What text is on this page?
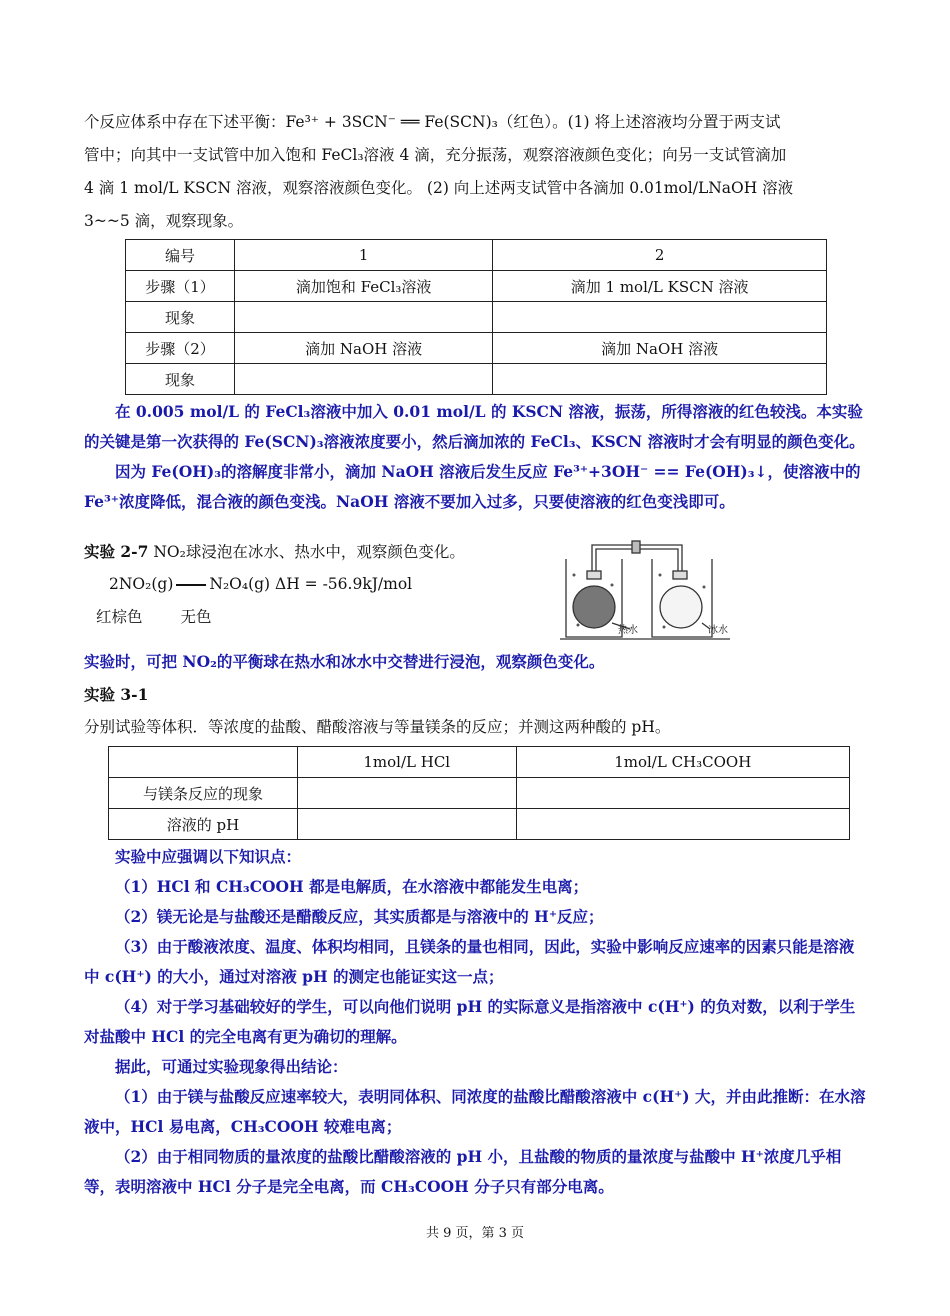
个反应体系中存在下述平衡：Fe³⁺ + 3SCN⁻ ══ Fe(SCN)₃（红色）。(1) 将上述溶液均分置于两支试

管中；向其中一支试管中加入饱和 FeCl₃溶液 4 滴，充分振荡，观察溶液颜色变化；向另一支试管滴加

4 滴 1 mol/L KSCN 溶液，观察溶液颜色变化。 (2) 向上述两支试管中各滴加 0.01mol/LNaOH 溶液

3~~5 滴，观察现象。

编号	1	2
步骤（1）	滴加饱和 FeCl₃溶液	滴加 1 mol/L KSCN 溶液
现象		
步骤（2）	滴加 NaOH 溶液	滴加 NaOH 溶液
现象		

在 0.005 mol/L 的 FeCl₃溶液中加入 0.01 mol/L 的 KSCN 溶液，振荡，所得溶液的红色较浅。本实验的关键是第一次获得的 Fe(SCN)₃溶液浓度要小，然后滴加浓的 FeCl₃、KSCN 溶液时才会有明显的颜色变化。

因为 Fe(OH)₃的溶解度非常小，滴加 NaOH 溶液后发生反应 Fe³⁺+3OH⁻ == Fe(OH)₃↓，使溶液中的 Fe³⁺浓度降低，混合液的颜色变浅。NaOH 溶液不要加入过多，只要使溶液的红色变浅即可。

实验 2-7 NO₂球浸泡在冰水、热水中，观察颜色变化。
2NO₂(g) N₂O₄(g) ΔH = -56.9kJ/mol
红棕色 无色
热水	冰水

实验时，可把 NO₂的平衡球在热水和冰水中交替进行浸泡，观察颜色变化。

实验 3-1

分别试验等体积．等浓度的盐酸、醋酸溶液与等量镁条的反应；并测这两种酸的 pH。

	1mol/L HCl	1mol/L CH₃COOH
与镁条反应的现象		
溶液的 pH		

实验中应强调以下知识点：

（1）HCl 和 CH₃COOH 都是电解质，在水溶液中都能发生电离；

（2）镁无论是与盐酸还是醋酸反应，其实质都是与溶液中的 H⁺反应；

（3）由于酸液浓度、温度、体积均相同，且镁条的量也相同，因此，实验中影响反应速率的因素只能是溶液中 c(H⁺) 的大小，通过对溶液 pH 的测定也能证实这一点；

（4）对于学习基础较好的学生，可以向他们说明 pH 的实际意义是指溶液中 c(H⁺) 的负对数，以利于学生对盐酸中 HCl 的完全电离有更为确切的理解。

据此，可通过实验现象得出结论：

（1）由于镁与盐酸反应速率较大，表明同体积、同浓度的盐酸比醋酸溶液中 c(H⁺) 大，并由此推断：在水溶液中，HCl 易电离，CH₃COOH 较难电离；

（2）由于相同物质的量浓度的盐酸比醋酸溶液的 pH 小，且盐酸的物质的量浓度与盐酸中 H⁺浓度几乎相等，表明溶液中 HCl 分子是完全电离，而 CH₃COOH 分子只有部分电离。

共 9 页，第 3 页
